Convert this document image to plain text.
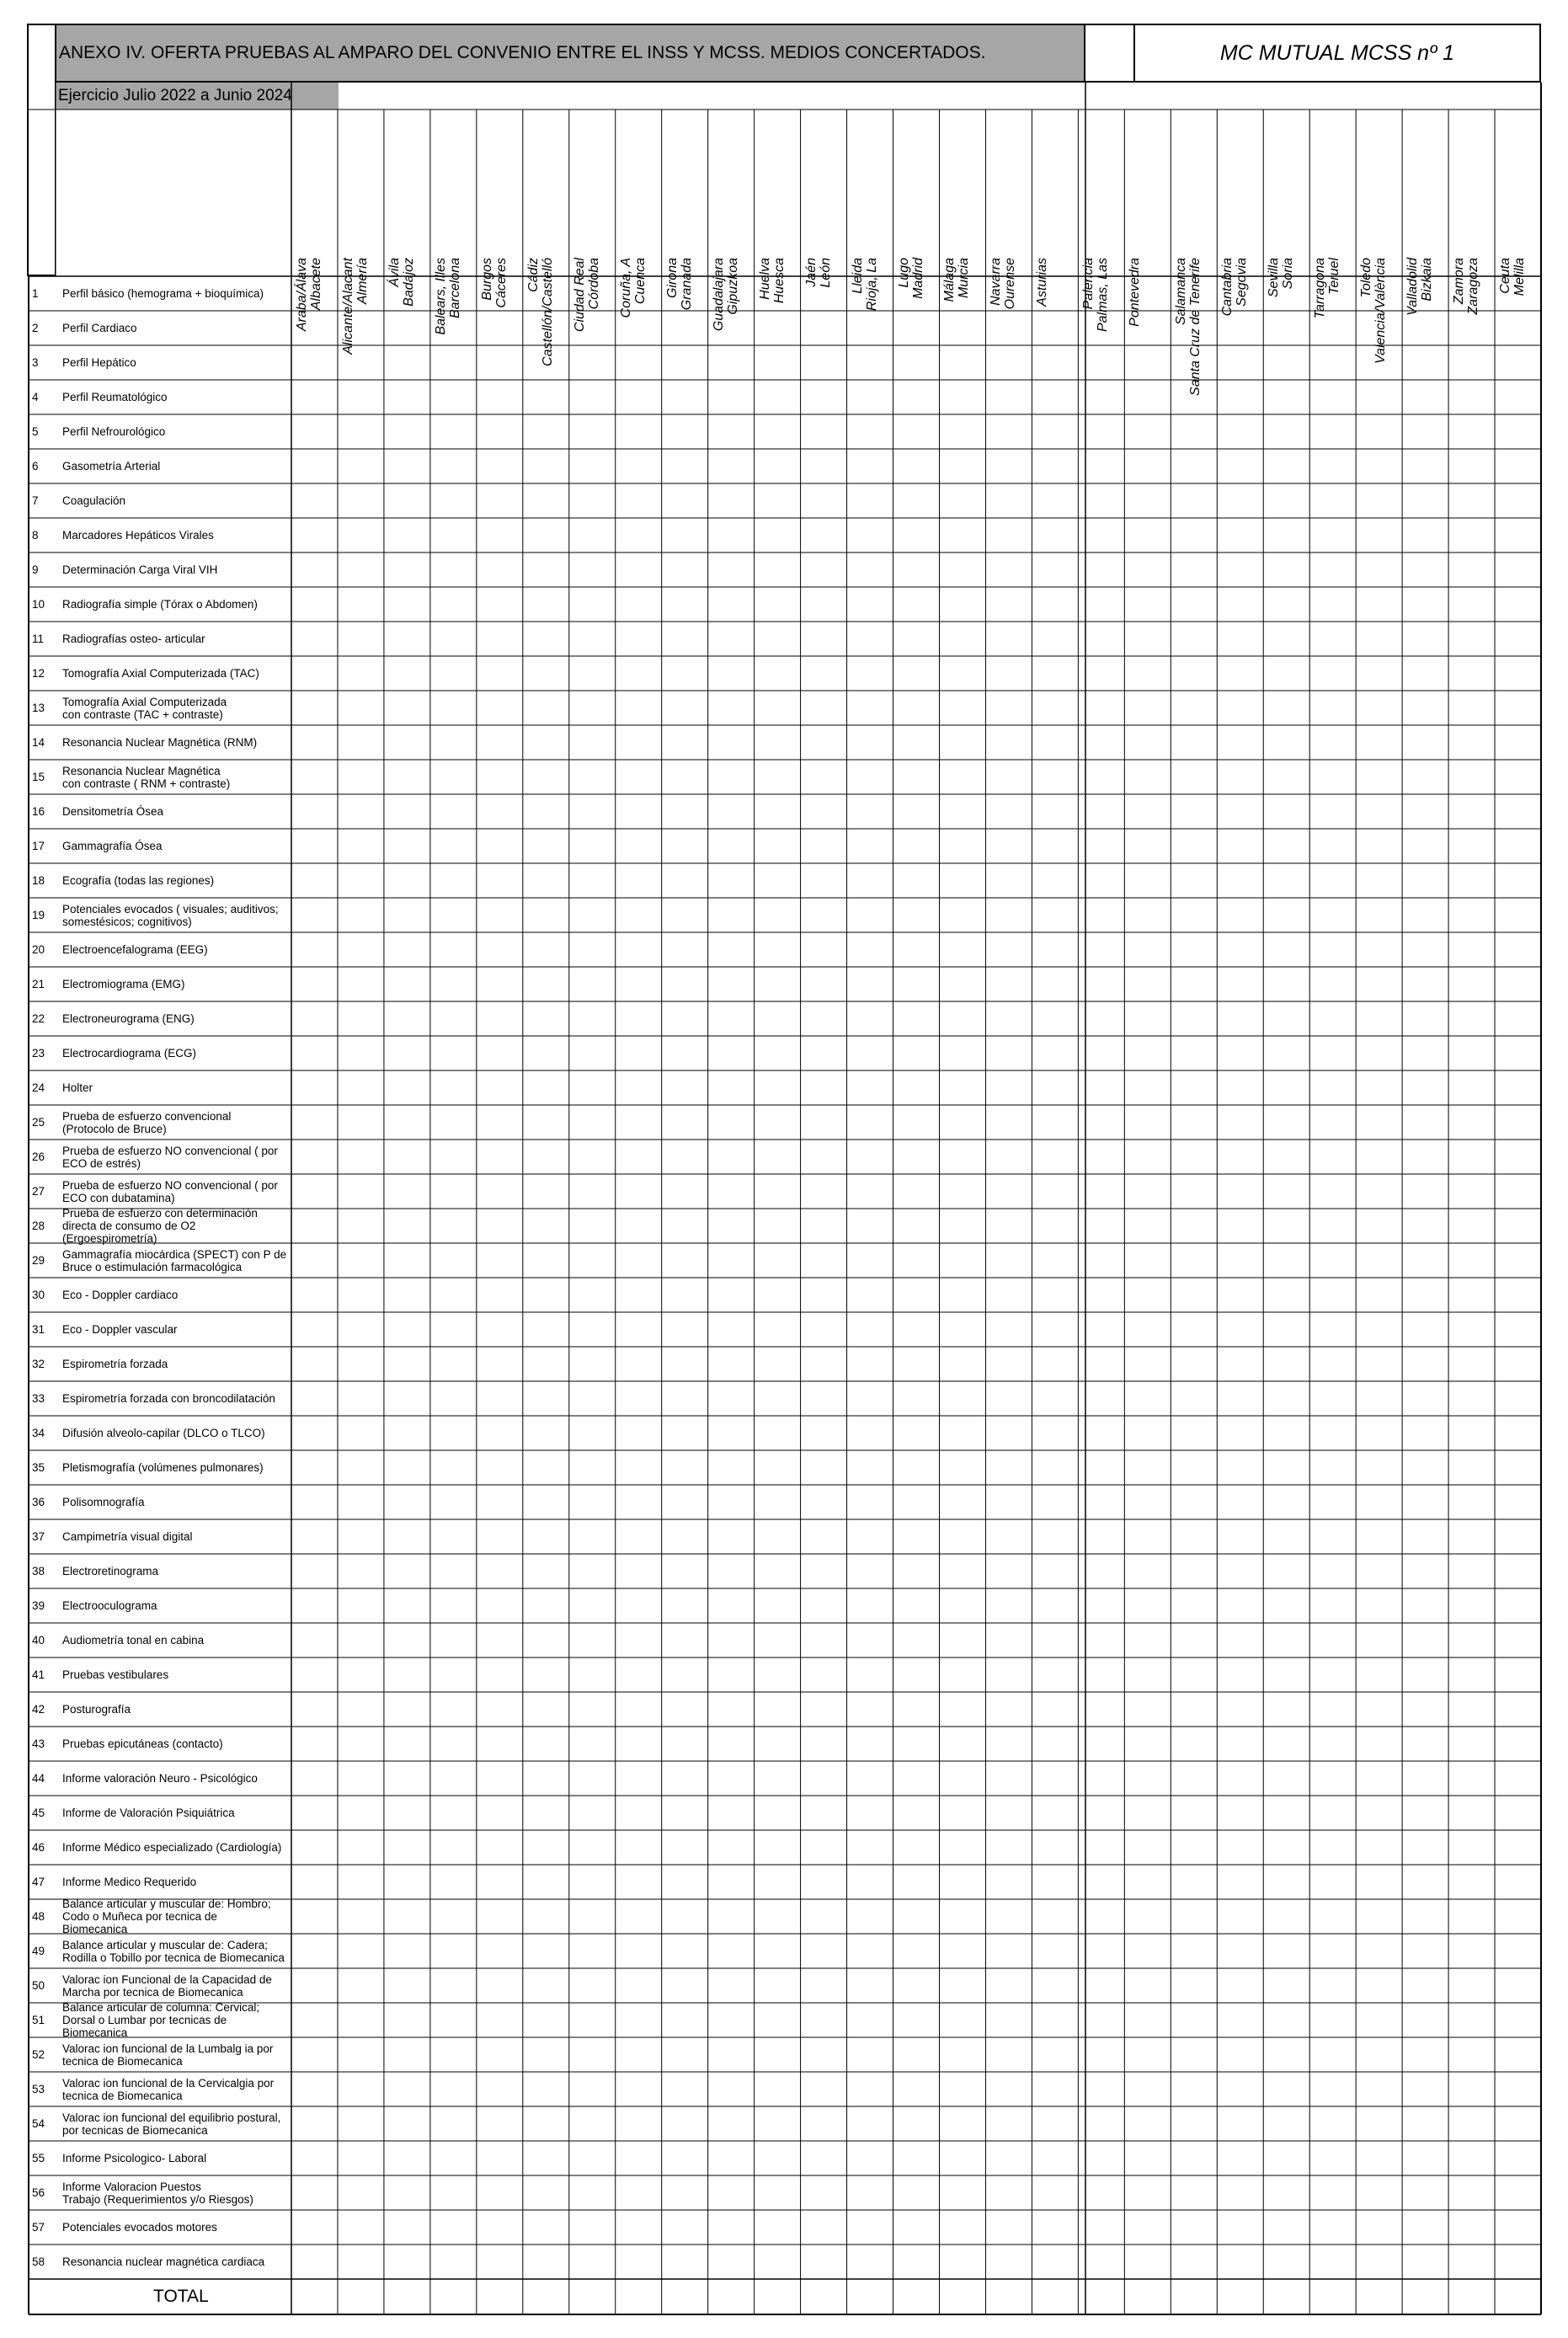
ANEXO IV. OFERTA PRUEBAS AL AMPARO DEL CONVENIO ENTRE EL INSS Y MCSS. MEDIOS CONCERTADOS.	MC MUTUAL MCSS nº 1
Ejercicio Julio 2022 a Junio 2024
1 Perfil básico (hemograma + bioquímica)
2 Perfil Cardiaco
3 Perfil Hepático
4 Perfil Reumatológico
5 Perfil Nefrourológico
6 Gasometría Arterial
7 Coagulación
8 Marcadores Hepáticos Virales
9 Determinación Carga Viral VIH
10 Radiografía simple (Tórax o Abdomen)
11 Radiografías osteo- articular
12 Tomografía Axial Computerizada (TAC)
13 Tomografía Axial Computerizada
con contraste (TAC + contraste)
14 Resonancia Nuclear Magnética (RNM)
15 Resonancia Nuclear Magnética
con contraste ( RNM + contraste)
16 Densitometría Ósea
17 Gammagrafía Ósea
18 Ecografía (todas las regiones)
19 Potenciales evocados ( visuales; auditivos;
somestésicos; cognitivos)
20 Electroencefalograma (EEG)
21 Electromiograma (EMG)
22 Electroneurograma (ENG)
23 Electrocardiograma (ECG)
24 Holter
25 Prueba de esfuerzo convencional
(Protocolo de Bruce)
26 Prueba de esfuerzo NO convencional ( por
ECO de estrés)
27 Prueba de esfuerzo NO convencional ( por
ECO con dubatamina)
28
Prueba de esfuerzo con determinación
directa de consumo de O2
(Ergoespirometría)
29 Gammagrafía miocárdica (SPECT) con P de
Bruce o estimulación farmacológica
30 Eco - Doppler cardiaco
31 Eco - Doppler vascular
32 Espirometría forzada
33 Espirometría forzada con broncodilatación
34 Difusión alveolo-capilar (DLCO o TLCO)
35 Pletismografía (volúmenes pulmonares)
36 Polisomnografía
37 Campimetría visual digital
38 Electroretinograma
39 Electrooculograma
40 Audiometría tonal en cabina
41 Pruebas vestibulares
42 Posturografía
43 Pruebas epicutáneas (contacto)
44 Informe valoración Neuro - Psicológico
45 Informe de Valoración Psiquiátrica
46 Informe Médico especializado (Cardiología)
47 Informe Medico Requerido
48
Balance articular y muscular de: Hombro;
Codo o Muñeca por tecnica de
Biomecanica
49 Balance articular y muscular de: Cadera;
Rodilla o Tobillo por tecnica de Biomecanica
50 Valorac ion Funcional de la Capacidad de
Marcha por tecnica de Biomecanica
51
Balance articular de columna: Cervical;
Dorsal o Lumbar por tecnicas de
Biomecanica
52 Valorac ion funcional de la Lumbalg ia por
tecnica de Biomecanica
53 Valorac ion funcional de la Cervicalgia por
tecnica de Biomecanica
54 Valorac ion funcional del equilibrio postural,
por tecnicas de Biomecanica
55 Informe Psicologico- Laboral
56 Informe Valoracion Puestos
Trabajo (Requerimientos y/o Riesgos)
57 Potenciales evocados motores
58 Resonancia nuclear magnética cardiaca
Araba/Álava Albacete Alicante/Alacant Almería Ávila Badajoz Balears, Illes Barcelona Burgos Cáceres Cádiz Castellón/Castelló Ciudad Real Córdoba Coruña, A Cuenca Girona Granada Guadalajara Gipuzkoa Huelva Huesca Jaén León Lleida Rioja, La Lugo Madrid Málaga Murcia Navarra Ourense Asturias Palencia Palmas, Las Pontevedra Salamanca Santa Cruz de Tenerife Cantabria Segovia Sevilla Soria Tarragona Teruel Toledo Valencia/València Valladolid Bizkaia Zamora Zaragoza Ceuta Melilla
TOTAL
